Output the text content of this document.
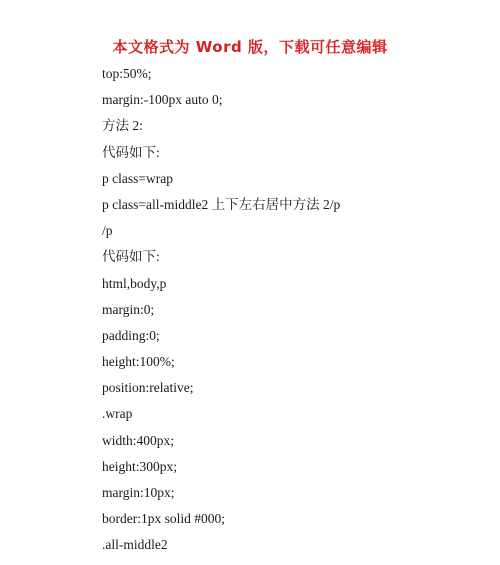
本文格式为 Word 版，下载可任意编辑
top:50%;
margin:-100px auto 0;
方法 2:
代码如下:
p class=wrap
p class=all-middle2 上下左右居中方法 2/p
/p
代码如下:
html,body,p
margin:0;
padding:0;
height:100%;
position:relative;
.wrap
width:400px;
height:300px;
margin:10px;
border:1px solid #000;
.all-middle2
